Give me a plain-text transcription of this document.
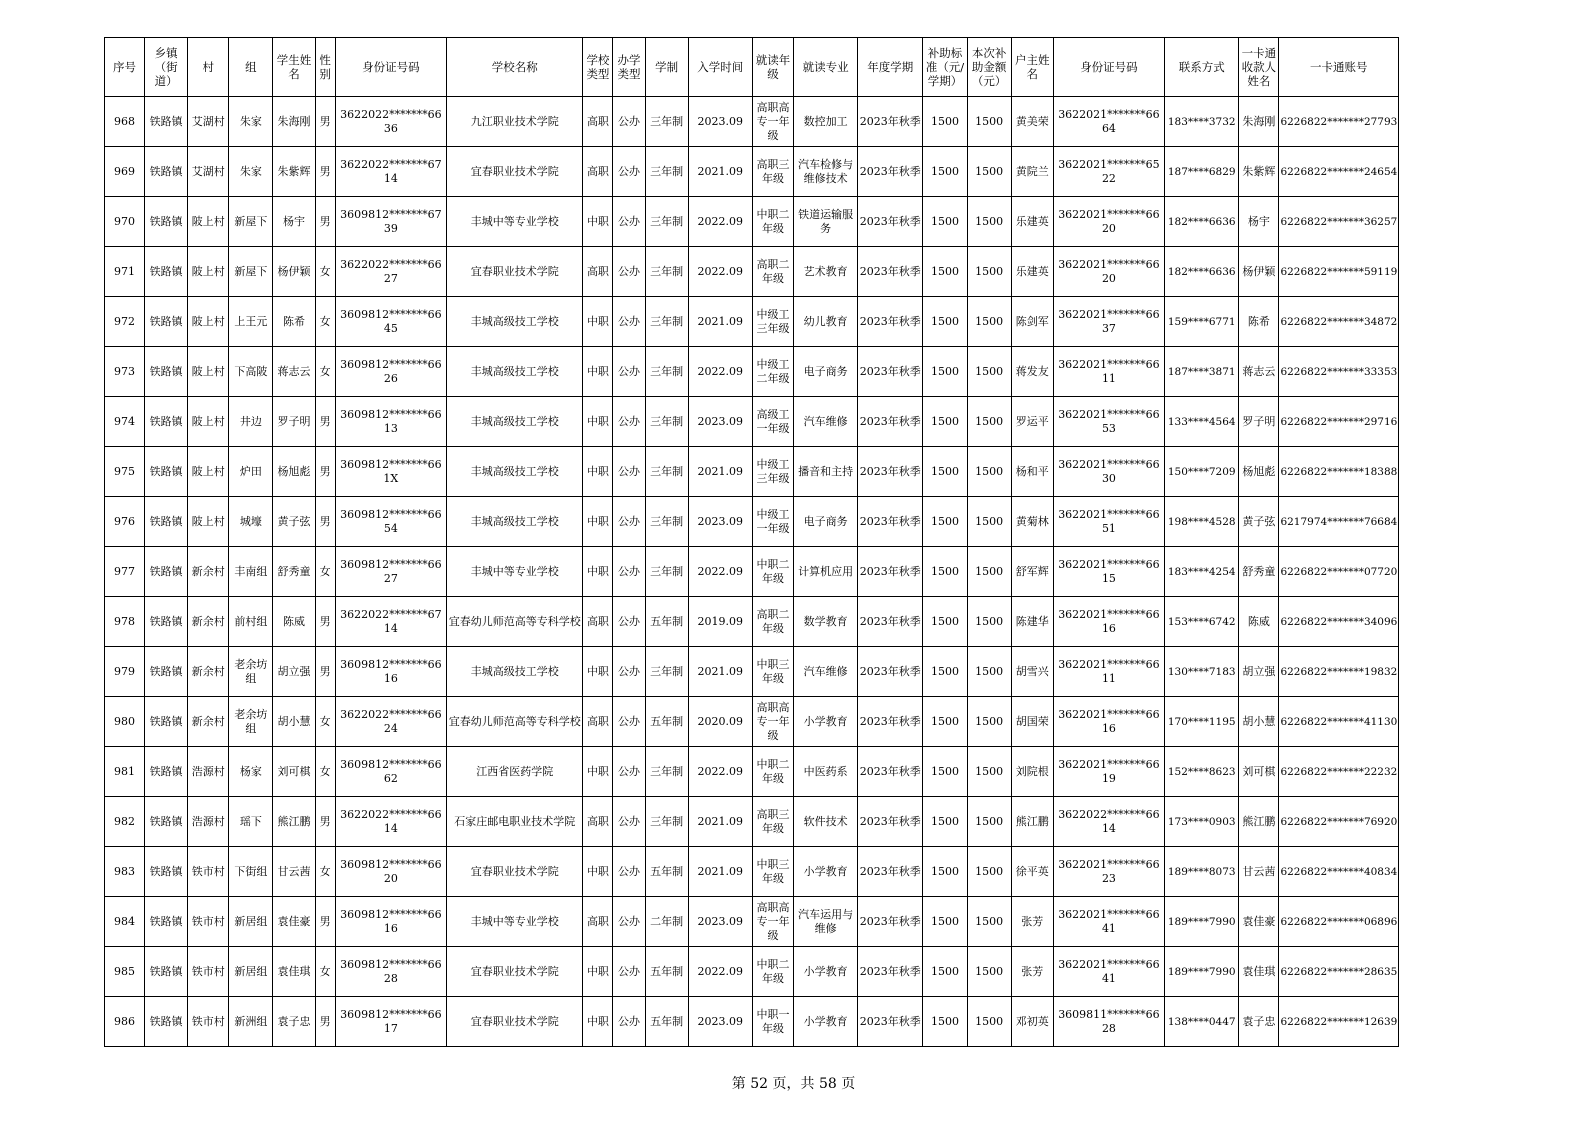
序号	乡镇（街道）	村	组	学生姓名	性别	身份证号码	学校名称	学校类型	办学类型	学制	入学时间	就读年级	就读专业	年度学期	补助标准（元/学期）	本次补助金额（元）	户主姓名	身份证号码	联系方式	一卡通收款人姓名	一卡通账号
968	铁路镇	艾湖村	朱家	朱海刚	男	3622022*******6636	九江职业技术学院	高职	公办	三年制	2023.09	高职高专一年级	数控加工	2023年秋季	1500	1500	黄美荣	3622021*******6664	183****3732	朱海刚	6226822*******27793
969	铁路镇	艾湖村	朱家	朱紫辉	男	3622022*******6714	宜春职业技术学院	高职	公办	三年制	2021.09	高职三年级	汽车检修与维修技术	2023年秋季	1500	1500	黄院兰	3622021*******6522	187****6829	朱紫辉	6226822*******24654
970	铁路镇	陂上村	新屋下	杨宇	男	3609812*******6739	丰城中等专业学校	中职	公办	三年制	2022.09	中职二年级	铁道运输服务	2023年秋季	1500	1500	乐建英	3622021*******6620	182****6636	杨宇	6226822*******36257
971	铁路镇	陂上村	新屋下	杨伊颖	女	3622022*******6627	宜春职业技术学院	高职	公办	三年制	2022.09	高职二年级	艺术教育	2023年秋季	1500	1500	乐建英	3622021*******6620	182****6636	杨伊颖	6226822*******59119
972	铁路镇	陂上村	上王元	陈希	女	3609812*******6645	丰城高级技工学校	中职	公办	三年制	2021.09	中级工三年级	幼儿教育	2023年秋季	1500	1500	陈剑军	3622021*******6637	159****6771	陈希	6226822*******34872
973	铁路镇	陂上村	下高陂	蒋志云	女	3609812*******6626	丰城高级技工学校	中职	公办	三年制	2022.09	中级工二年级	电子商务	2023年秋季	1500	1500	蒋发友	3622021*******6611	187****3871	蒋志云	6226822*******33353
974	铁路镇	陂上村	井边	罗子明	男	3609812*******6613	丰城高级技工学校	中职	公办	三年制	2023.09	高级工一年级	汽车维修	2023年秋季	1500	1500	罗运平	3622021*******6653	133****4564	罗子明	6226822*******29716
975	铁路镇	陂上村	炉田	杨旭彪	男	3609812*******661X	丰城高级技工学校	中职	公办	三年制	2021.09	中级工三年级	播音和主持	2023年秋季	1500	1500	杨和平	3622021*******6630	150****7209	杨旭彪	6226822*******18388
976	铁路镇	陂上村	城壕	黄子弦	男	3609812*******6654	丰城高级技工学校	中职	公办	三年制	2023.09	中级工一年级	电子商务	2023年秋季	1500	1500	黄菊林	3622021*******6651	198****4528	黄子弦	6217974*******76684
977	铁路镇	新余村	丰南组	舒秀童	女	3609812*******6627	丰城中等专业学校	中职	公办	三年制	2022.09	中职二年级	计算机应用	2023年秋季	1500	1500	舒军辉	3622021*******6615	183****4254	舒秀童	6226822*******07720
978	铁路镇	新余村	前村组	陈威	男	3622022*******6714	宜春幼儿师范高等专科学校	高职	公办	五年制	2019.09	高职二年级	数学教育	2023年秋季	1500	1500	陈建华	3622021*******6616	153****6742	陈威	6226822*******34096
979	铁路镇	新余村	老余坊组	胡立强	男	3609812*******6616	丰城高级技工学校	中职	公办	三年制	2021.09	中职三年级	汽车维修	2023年秋季	1500	1500	胡雪兴	3622021*******6611	130****7183	胡立强	6226822*******19832
980	铁路镇	新余村	老余坊组	胡小慧	女	3622022*******6624	宜春幼儿师范高等专科学校	高职	公办	五年制	2020.09	高职高专一年级	小学教育	2023年秋季	1500	1500	胡国荣	3622021*******6616	170****1195	胡小慧	6226822*******41130
981	铁路镇	浩源村	杨家	刘可棋	女	3609812*******6662	江西省医药学院	中职	公办	三年制	2022.09	中职二年级	中医药系	2023年秋季	1500	1500	刘院根	3622021*******6619	152****8623	刘可棋	6226822*******22232
982	铁路镇	浩源村	瑶下	熊江鹏	男	3622022*******6614	石家庄邮电职业技术学院	高职	公办	三年制	2021.09	高职三年级	软件技术	2023年秋季	1500	1500	熊江鹏	3622022*******6614	173****0903	熊江鹏	6226822*******76920
983	铁路镇	铁市村	下街组	甘云茜	女	3609812*******6620	宜春职业技术学院	中职	公办	五年制	2021.09	中职三年级	小学教育	2023年秋季	1500	1500	徐平英	3622021*******6623	189****8073	甘云茜	6226822*******40834
984	铁路镇	铁市村	新居组	袁佳豪	男	3609812*******6616	丰城中等专业学校	高职	公办	二年制	2023.09	高职高专一年级	汽车运用与维修	2023年秋季	1500	1500	张芳	3622021*******6641	189****7990	袁佳豪	6226822*******06896
985	铁路镇	铁市村	新居组	袁佳琪	女	3609812*******6628	宜春职业技术学院	中职	公办	五年制	2022.09	中职二年级	小学教育	2023年秋季	1500	1500	张芳	3622021*******6641	189****7990	袁佳琪	6226822*******28635
986	铁路镇	铁市村	新洲组	袁子忠	男	3609812*******6617	宜春职业技术学院	中职	公办	五年制	2023.09	中职一年级	小学教育	2023年秋季	1500	1500	邓初英	3609811*******6628	138****0447	袁子忠	6226822*******12639
第 52 页，共 58 页
